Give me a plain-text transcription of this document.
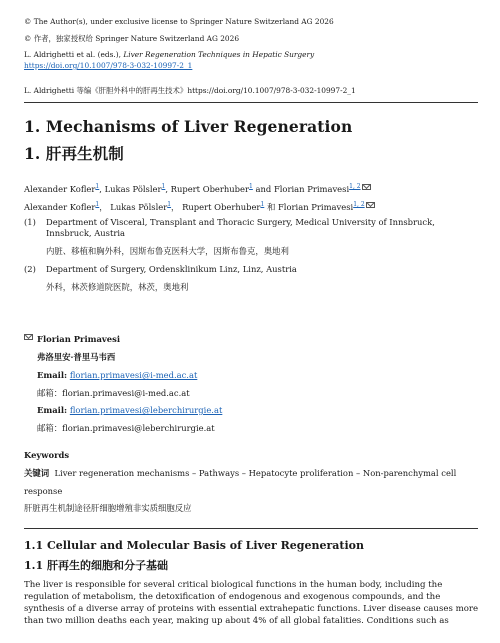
© The Author(s), under exclusive license to Springer Nature Switzerland AG 2026
© 作者，独家授权给 Springer Nature Switzerland AG 2026
L. Aldrighetti et al. (eds.), Liver Regeneration Techniques in Hepatic Surgery
https://doi.org/10.1007/978-3-032-10997-2_1
L. Aldrighetti 等编《肝胆外科中的肝再生技术》https://doi.org/10.1007/978-3-032-10997-2_1
1. Mechanisms of Liver Regeneration
1. 肝再生机制
Alexander Kofler$^1$, Lukas Pölsler$^1$, Rupert Oberhuber$^1$ and Florian Primavesi$^{1, 2}$
Alexander Kofler$^1$， Lukas Pölsler$^1$， Rupert Oberhuber$^1$ 和 Florian Primavesi$^{1, 2}$
(1) Department of Visceral, Transplant and Thoracic Surgery, Medical University of Innsbruck, Innsbruck, Austria
内脏、移植和胸外科，因斯布鲁克医科大学，因斯布鲁克，奥地利
(2) Department of Surgery, Ordensklinikum Linz, Linz, Austria
外科，林茨修道院医院，林茨，奥地利
Florian Primavesi
弗洛里安·普里马韦西
Email: florian.primavesi@i-med.ac.at
邮箱：florian.primavesi@i-med.ac.at
Email: florian.primavesi@leberchirurgie.at
邮箱：florian.primavesi@leberchirurgie.at
Keywords
关键词 Liver regeneration mechanisms – Pathways – Hepatocyte proliferation – Non-parenchymal cell
response
肝脏再生机制途径肝细胞增殖非实质细胞反应
1.1 Cellular and Molecular Basis of Liver Regeneration
1.1 肝再生的细胞和分子基础
The liver is responsible for several critical biological functions in the human body, including the
regulation of metabolism, the detoxification of endogenous and exogenous compounds, and the
synthesis of a diverse array of proteins with essential extrahepatic functions. Liver disease causes more
than two million deaths each year, making up about 4% of all global fatalities. Conditions such as
